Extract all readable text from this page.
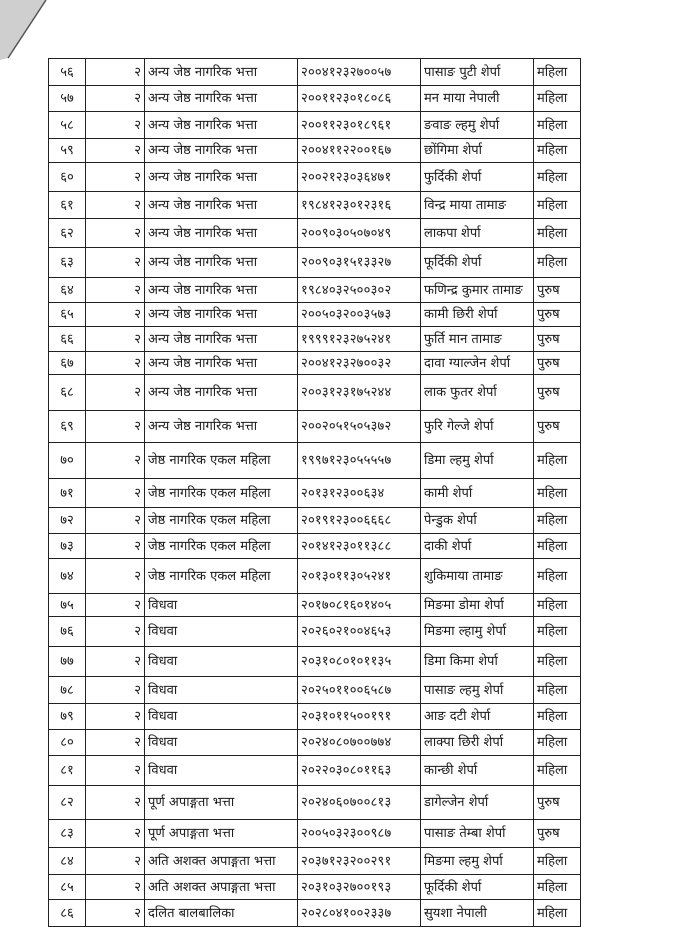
५६	२	अन्य जेष्ठ नागरिक भत्ता	२००४१२३२७००५७	पासाङ पुटी शेर्पा	महिला
५७	२	अन्य जेष्ठ नागरिक भत्ता	२००११२३०१८०८६	मन माया नेपाली	महिला
५८	२	अन्य जेष्ठ नागरिक भत्ता	२००११२३०१८९६१	ङवाङ ल्हमु शेर्पा	महिला
५९	२	अन्य जेष्ठ नागरिक भत्ता	२००४११२२००१६७	छोंगिमा शेर्पा	महिला
६०	२	अन्य जेष्ठ नागरिक भत्ता	२००२१२३०३६४७१	फुर्दिकी शेर्पा	महिला
६१	२	अन्य जेष्ठ नागरिक भत्ता	१९८४१२३०१२३१६	विन्द्र माया तामाङ	महिला
६२	२	अन्य जेष्ठ नागरिक भत्ता	२००९०३०५०७०४९	लाकपा शेर्पा	महिला
६३	२	अन्य जेष्ठ नागरिक भत्ता	२००९०३१५१३३२७	फूर्दिकी शेर्पा	महिला
६४	२	अन्य जेष्ठ नागरिक भत्ता	१९८४०३२५००३०२	फणिन्द्र कुमार तामाङ	पुरुष
६५	२	अन्य जेष्ठ नागरिक भत्ता	२००५०३२००३५७३	कामी छिरी शेर्पा	पुरुष
६६	२	अन्य जेष्ठ नागरिक भत्ता	१९९९१२३२७५२४१	फुर्ति मान तामाङ	पुरुष
६७	२	अन्य जेष्ठ नागरिक भत्ता	२००४१२३२७००३२	दावा ग्याल्जेन शेर्पा	पुरुष
६८	२	अन्य जेष्ठ नागरिक भत्ता	२००३१२३१७५२४४	लाक फुतर शेर्पा	पुरुष
६९	२	अन्य जेष्ठ नागरिक भत्ता	२००२०५१५०५३७२	फुरि गेल्जे शेर्पा	पुरुष
७०	२	जेष्ठ नागरिक एकल महिला	१९९७१२३०५५५५७	डिमा ल्हमु शेर्पा	महिला
७१	२	जेष्ठ नागरिक एकल महिला	२०१३१२३००६३४	कामी शेर्पा	महिला
७२	२	जेष्ठ नागरिक एकल महिला	२०१९१२३००६६६८	पेन्डुक शेर्पा	महिला
७३	२	जेष्ठ नागरिक एकल महिला	२०१४१२३०११३८८	दाकी शेर्पा	महिला
७४	२	जेष्ठ नागरिक एकल महिला	२०१३०११३०५२४१	शुकिमाया तामाङ	महिला
७५	२	विधवा	२०१७०८१६०१४०५	मिङमा डोमा शेर्पा	महिला
७६	२	विधवा	२०२६०२१००४६५३	मिङमा ल्हामु शेर्पा	महिला
७७	२	विधवा	२०३१०८०१०११३५	डिमा किमा शेर्पा	महिला
७८	२	विधवा	२०२५०११००६५८७	पासाङ ल्हमु शेर्पा	महिला
७९	२	विधवा	२०३१०११५००१९१	आङ दटी शेर्पा	महिला
८०	२	विधवा	२०२४०८०७००७७४	लाक्पा छिरी शेर्पा	महिला
८१	२	विधवा	२०२२०३०८०११६३	कान्छी शेर्पा	महिला
८२	२	पूर्ण अपाङ्गता भत्ता	२०२४०६०७००८१३	डागेल्जेन शेर्पा	पुरुष
८३	२	पूर्ण अपाङ्गता भत्ता	२००५०३२३००९८७	पासाङ तेम्बा शेर्पा	पुरुष
८४	२	अति अशक्त अपाङ्गता भत्ता	२०३७१२३२००२९१	मिङमा ल्हमु शेर्पा	महिला
८५	२	अति अशक्त अपाङ्गता भत्ता	२०३१०३२७००१९३	फूर्दिकी शेर्पा	महिला
८६	२	दलित बालबालिका	२०२८०४१००२३३७	सुयशा नेपाली	महिला
